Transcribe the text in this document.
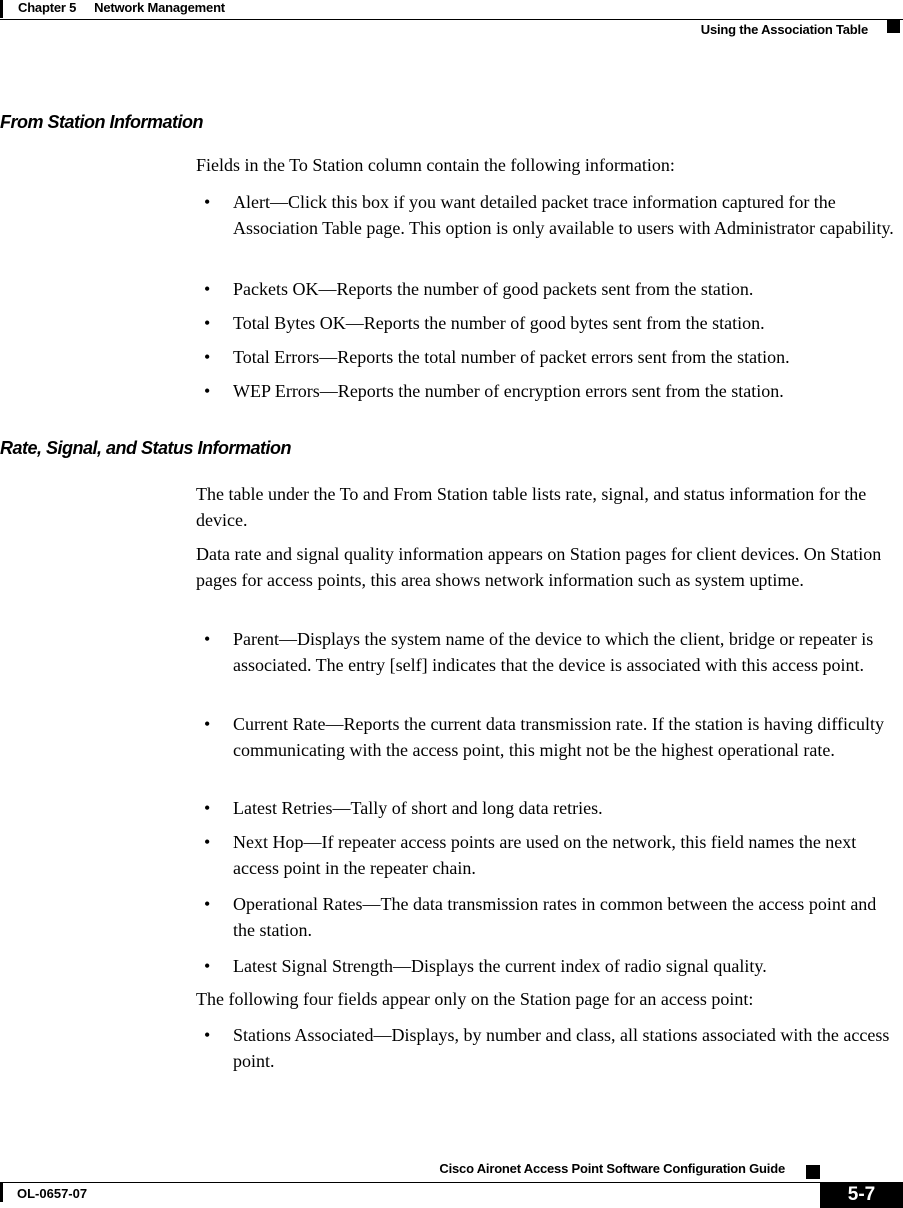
Chapter 5 Network Management
Using the Association Table
From Station Information

Fields in the To Station column contain the following information:

• Alert—Click this box if you want detailed packet trace information captured for the Association Table page. This option is only available to users with Administrator capability.
• Packets OK—Reports the number of good packets sent from the station.
• Total Bytes OK—Reports the number of good bytes sent from the station.
• Total Errors—Reports the total number of packet errors sent from the station.
• WEP Errors—Reports the number of encryption errors sent from the station.
Rate, Signal, and Status Information

The table under the To and From Station table lists rate, signal, and status information for the device.

Data rate and signal quality information appears on Station pages for client devices. On Station pages for access points, this area shows network information such as system uptime.

• Parent—Displays the system name of the device to which the client, bridge or repeater is associated. The entry [self] indicates that the device is associated with this access point.
• Current Rate—Reports the current data transmission rate. If the station is having difficulty communicating with the access point, this might not be the highest operational rate.
• Latest Retries—Tally of short and long data retries.
• Next Hop—If repeater access points are used on the network, this field names the next access point in the repeater chain.
• Operational Rates—The data transmission rates in common between the access point and the station.
• Latest Signal Strength—Displays the current index of radio signal quality.

The following four fields appear only on the Station page for an access point:

• Stations Associated—Displays, by number and class, all stations associated with the access point.
Cisco Aironet Access Point Software Configuration Guide
OL-0657-07	5-7
